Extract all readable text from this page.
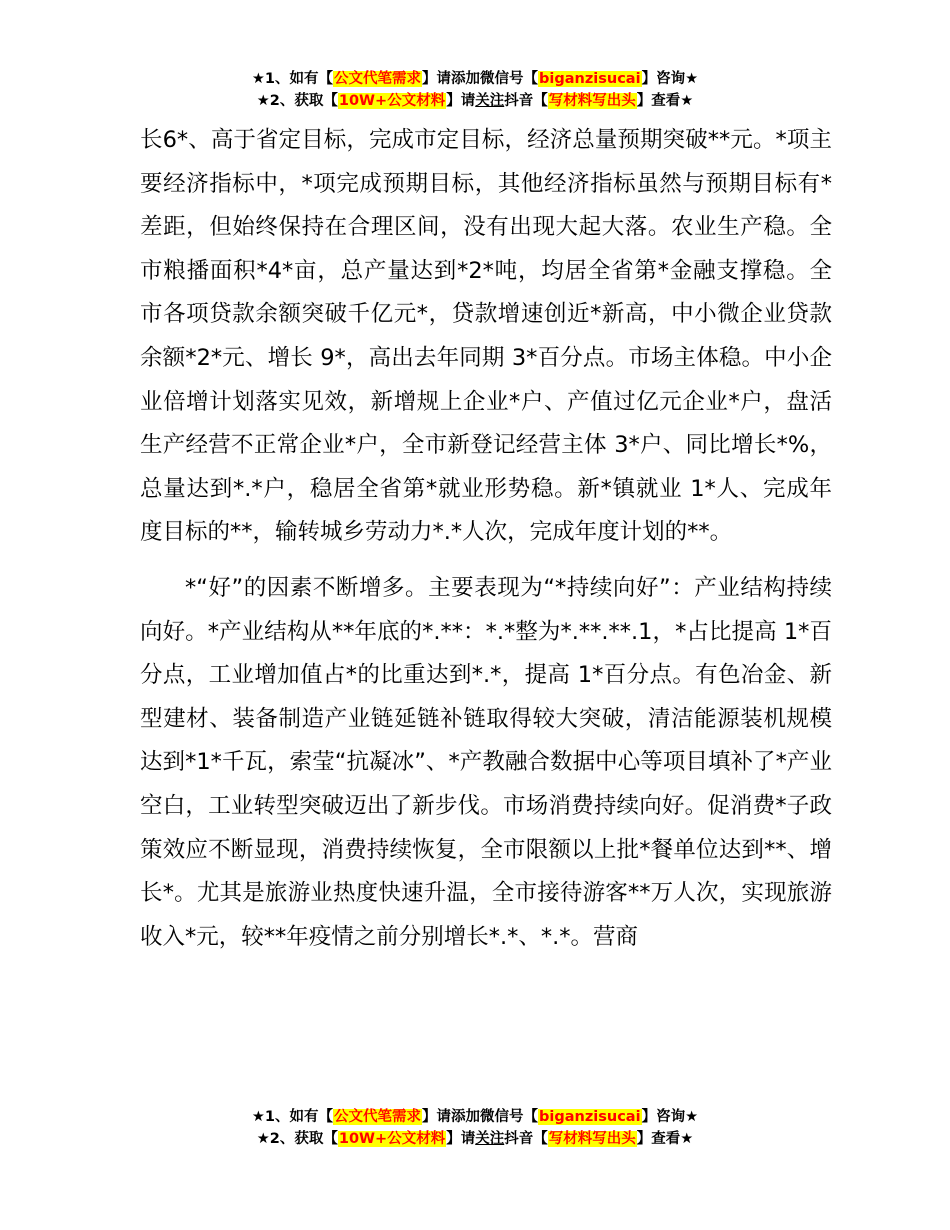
★1、如有【公文代笔需求】请添加微信号【biganzisucai】咨询★
★2、获取【10W+公文材料】请关注抖音【写材料写出头】查看★

长6*、高于省定目标，完成市定目标，经济总量预期突破**元。*项主要经济指标中，*项完成预期目标，其他经济指标虽然与预期目标有*差距，但始终保持在合理区间，没有出现大起大落。农业生产稳。全市粮播面积*4*亩，总产量达到*2*吨，均居全省第*金融支撑稳。全市各项贷款余额突破千亿元*，贷款增速创近*新高，中小微企业贷款余额*2*元、增长 9*，高出去年同期 3*百分点。市场主体稳。中小企业倍增计划落实见效，新增规上企业*户、产值过亿元企业*户，盘活生产经营不正常企业*户，全市新登记经营主体 3*户、同比增长*%，总量达到*.*户，稳居全省第*就业形势稳。新*镇就业 1*人、完成年度目标的**，输转城乡劳动力*.*人次，完成年度计划的**。

*“好”的因素不断增多。主要表现为“*持续向好”：产业结构持续向好。*产业结构从**年底的*.**：*.*整为*.**.**.1，*占比提高 1*百分点，工业增加值占*的比重达到*.*，提高 1*百分点。有色冶金、新型建材、装备制造产业链延链补链取得较大突破，清洁能源装机规模达到*1*千瓦，索莹“抗凝冰”、*产教融合数据中心等项目填补了*产业空白，工业转型突破迈出了新步伐。市场消费持续向好。促消费*子政策效应不断显现，消费持续恢复，全市限额以上批*餐单位达到**、增长*。尤其是旅游业热度快速升温，全市接待游客**万人次，实现旅游收入*元，较**年疫情之前分别增长*.*、*.*。营商

★1、如有【公文代笔需求】请添加微信号【biganzisucai】咨询★
★2、获取【10W+公文材料】请关注抖音【写材料写出头】查看★
